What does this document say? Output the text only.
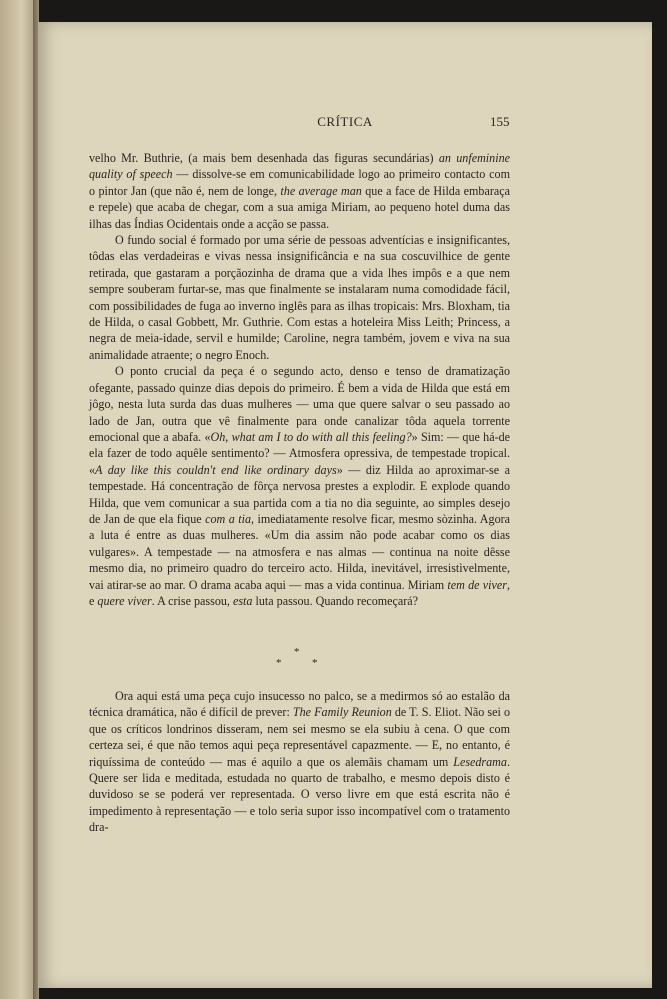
CRÍTICA	155

velho Mr. Buthrie, (a mais bem desenhada das figuras secundárias) an unfeminine quality of speech — dissolve-se em comunicabilidade logo ao primeiro contacto com o pintor Jan (que não é, nem de longe, the average man que a face de Hilda embaraça e repele) que acaba de chegar, com a sua amiga Miriam, ao pequeno hotel duma das ilhas das Índias Ocidentais onde a acção se passa.

O fundo social é formado por uma série de pessoas adventícias e insignificantes, tôdas elas verdadeiras e vivas nessa insignificância e na sua coscuvilhice de gente retirada, que gastaram a porçãozinha de drama que a vida lhes impôs e a que nem sempre souberam furtar-se, mas que finalmente se instalaram numa comodidade fácil, com possibilidades de fuga ao inverno inglês para as ilhas tropicais: Mrs. Bloxham, tia de Hilda, o casal Gobbett, Mr. Guthrie. Com estas a hoteleira Miss Leith; Princess, a negra de meia-idade, servil e humilde; Caroline, negra também, jovem e viva na sua animalidade atraente; o negro Enoch.

O ponto crucial da peça é o segundo acto, denso e tenso de dramatização ofegante, passado quinze dias depois do primeiro. É bem a vida de Hilda que está em jôgo, nesta luta surda das duas mulheres — uma que quere salvar o seu passado ao lado de Jan, outra que vê finalmente para onde canalizar tôda aquela torrente emocional que a abafa. «Oh, what am I to do with all this feeling?» Sim: — que há-de ela fazer de todo aquêle sentimento? — Atmosfera opressiva, de tempestade tropical. «A day like this couldn't end like ordinary days» — diz Hilda ao aproximar-se a tempestade. Há concentração de fôrça nervosa prestes a explodir. E explode quando Hilda, que vem comunicar a sua partida com a tia no dia seguinte, ao simples desejo de Jan de que ela fique com a tia, imediatamente resolve ficar, mesmo sòzinha. Agora a luta é entre as duas mulheres. «Um dia assim não pode acabar como os dias vulgares». A tempestade — na atmosfera e nas almas — continua na noite dêsse mesmo dia, no primeiro quadro do terceiro acto. Hilda, inevitável, irresistìvelmente, vai atirar-se ao mar. O drama acaba aqui — mas a vida continua. Miriam tem de viver, e quere viver. A crise passou, esta luta passou. Quando recomeçará?

*
*	*

Ora aqui está uma peça cujo insucesso no palco, se a medirmos só ao estalão da técnica dramática, não é difícil de prever: The Family Reunion de T. S. Eliot. Não sei o que os críticos londrinos disseram, nem sei mesmo se ela subiu à cena. O que com certeza sei, é que não temos aqui peça representável capazmente. — E, no entanto, é riquíssima de conteúdo — mas é aquilo a que os alemãis chamam um Lesedrama. Quere ser lida e meditada, estudada no quarto de trabalho, e mesmo depois disto é duvidoso se se poderá ver representada. O verso livre em que está escrita não é impedimento à representação — e tolo seria supor isso incompatível com o tratamento dra-
